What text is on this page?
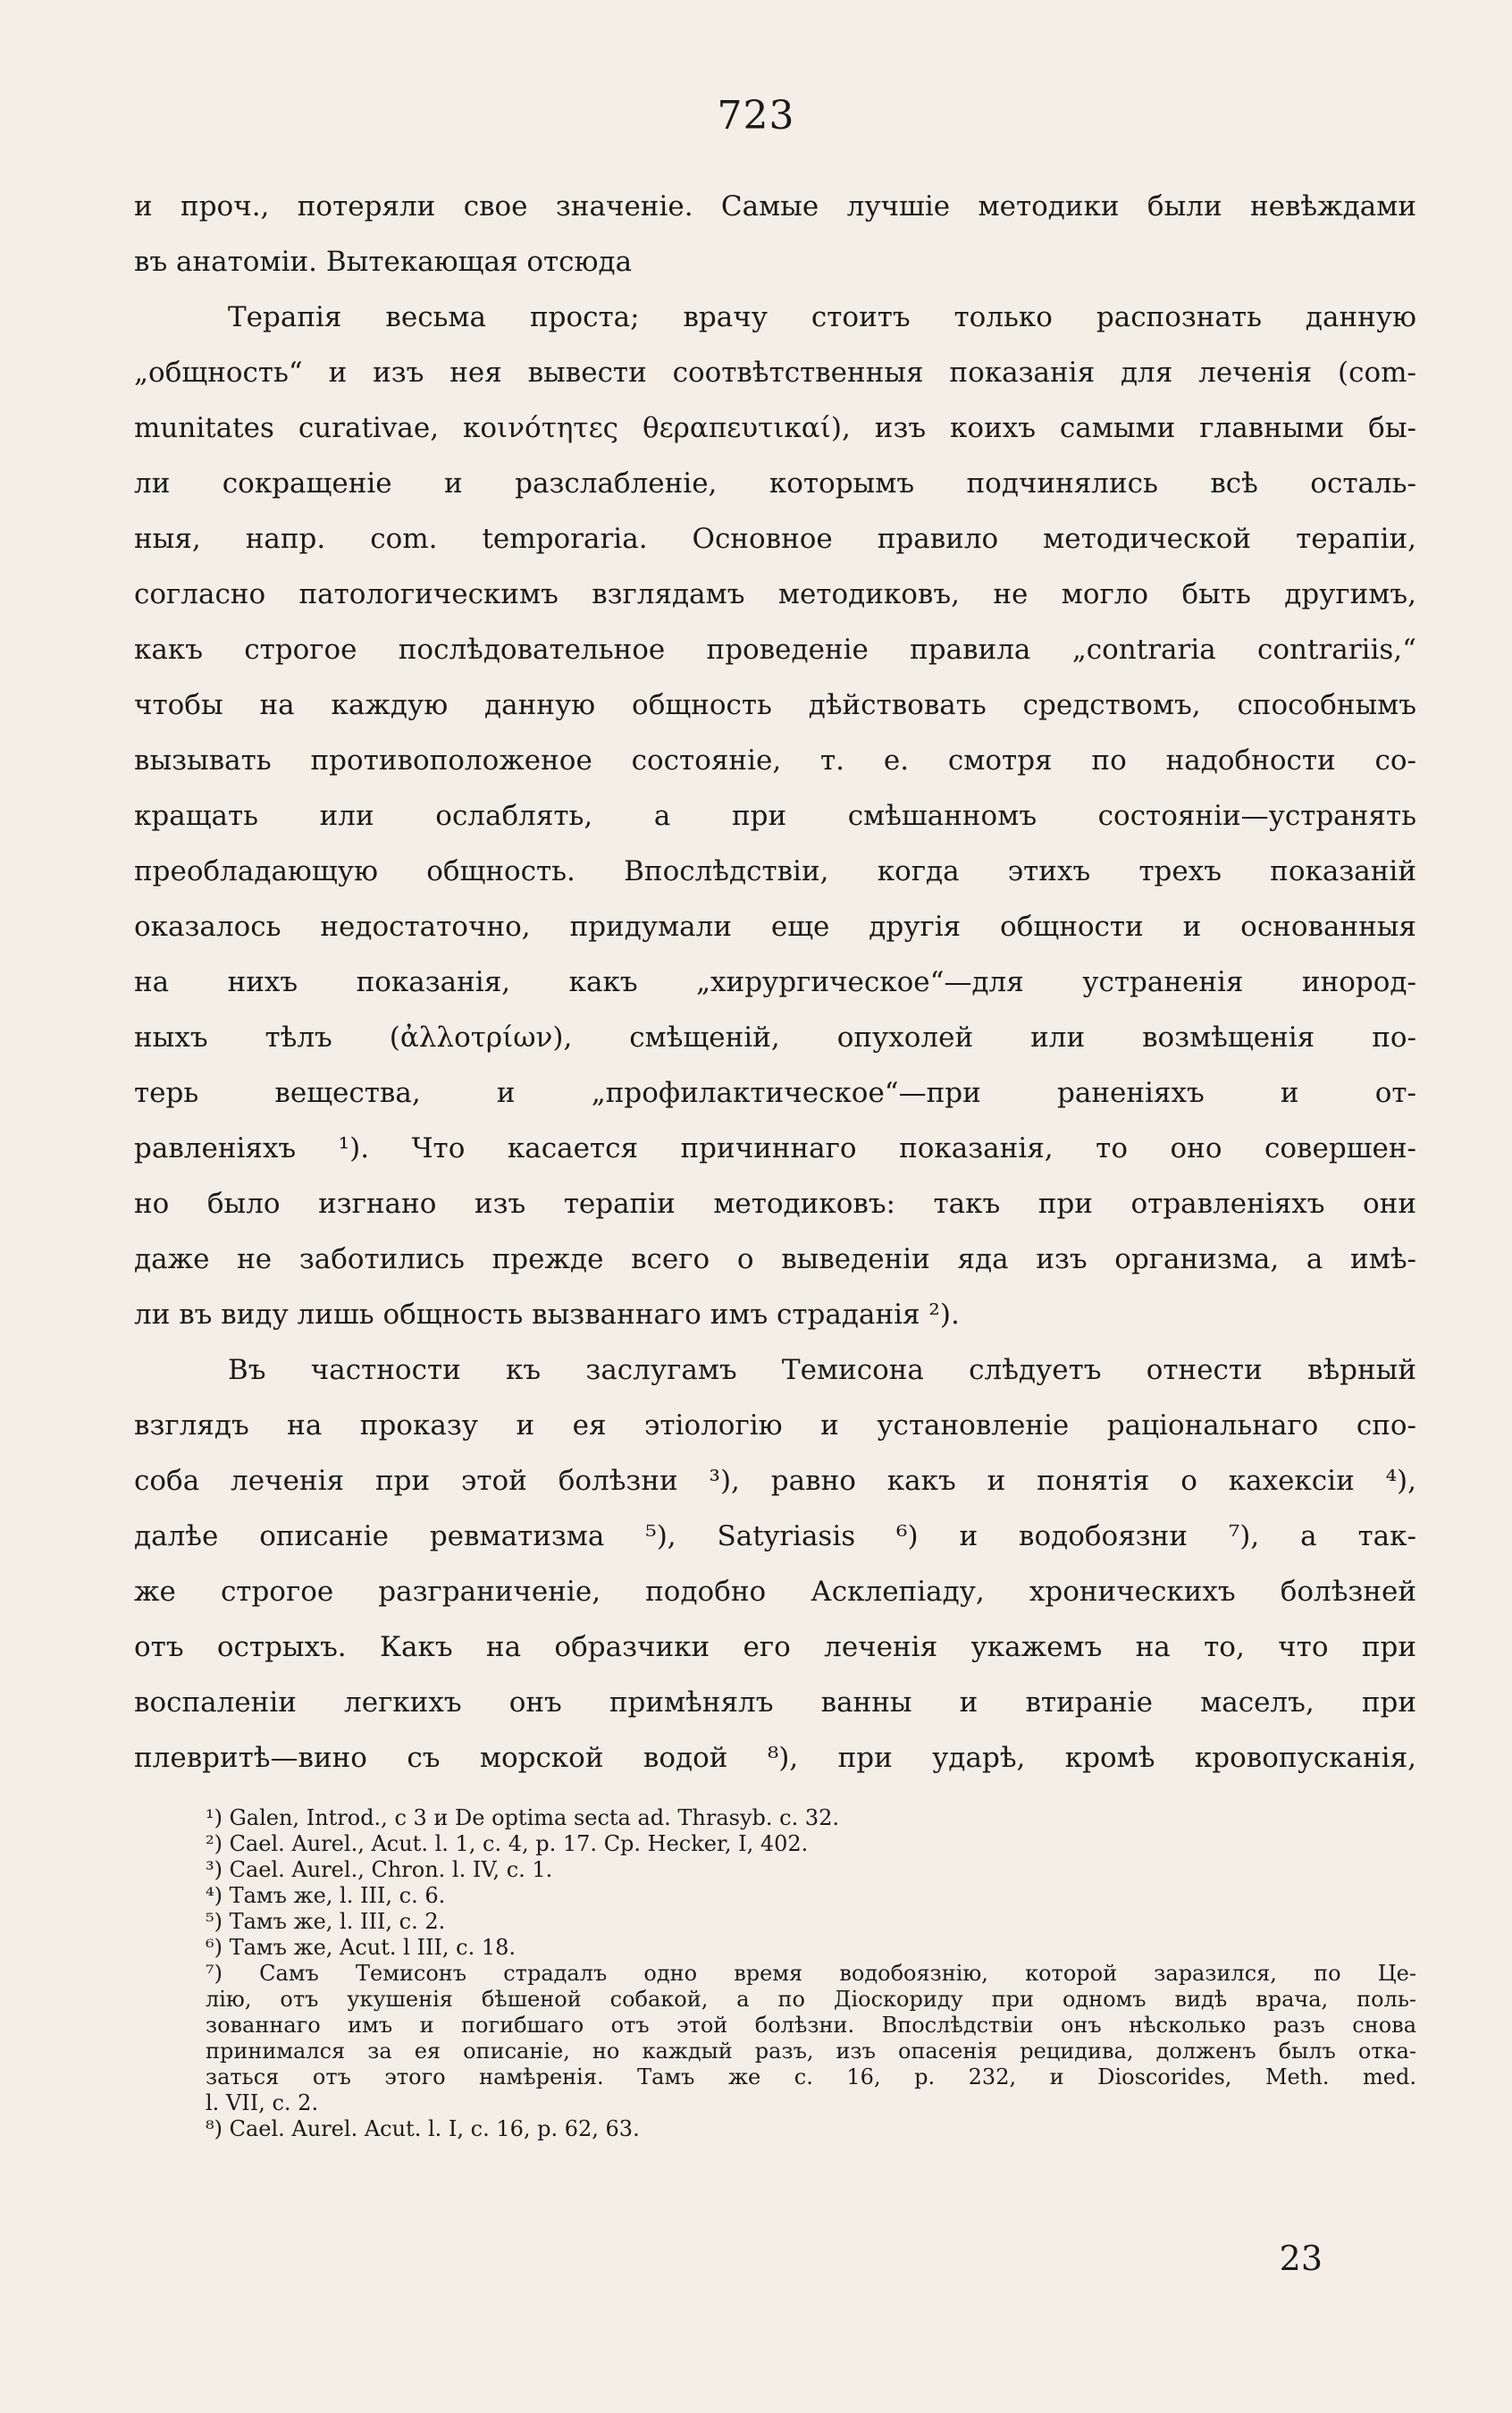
723
и проч., потеряли свое значеніе. Самые лучшіе методики были невѣждами
въ анатоміи. Вытекающая отсюда
Терапія весьма проста; врачу стоитъ только распознать данную
„общность“ и изъ нея вывести соотвѣтственныя показанія для леченія (com-
munitates curativae, κοινότητες θεραπευτικαί), изъ коихъ самыми главными бы-
ли сокращеніе и разслабленіе, которымъ подчинялись всѣ осталь-
ныя, напр. com. temporaria. Основное правило методической терапіи,
согласно патологическимъ взглядамъ методиковъ, не могло быть другимъ,
какъ строгое послѣдовательное проведеніе правила „contraria contrariis,“
чтобы на каждую данную общность дѣйствовать средствомъ, способнымъ
вызывать противоположеное состояніе, т. е. смотря по надобности со-
кращать или ослаблять, а при смѣшанномъ состояніи—устранять
преобладающую общность. Впослѣдствіи, когда этихъ трехъ показаній
оказалось недостаточно, придумали еще другія общности и основанныя
на нихъ показанія, какъ „хирургическое“—для устраненія инород-
ныхъ тѣлъ (ἀλλοτρίων), смѣщеній, опухолей или возмѣщенія по-
терь вещества, и „профилактическое“—при раненіяхъ и от-
равленіяхъ ¹). Что касается причиннаго показанія, то оно совершен-
но было изгнано изъ терапіи методиковъ: такъ при отравленіяхъ они
даже не заботились прежде всего о выведеніи яда изъ организма, а имѣ-
ли въ виду лишь общность вызваннаго имъ страданія ²).
Въ частности къ заслугамъ Темисона слѣдуетъ отнести вѣрный
взглядъ на проказу и ея этіологію и установленіе раціональнаго спо-
соба леченія при этой болѣзни ³), равно какъ и понятія о кахексіи ⁴),
далѣе описаніе ревматизма ⁵), Satyriasis ⁶) и водобоязни ⁷), а так-
же строгое разграниченіе, подобно Асклепіаду, хроническихъ болѣзней
отъ острыхъ. Какъ на образчики его леченія укажемъ на то, что при
воспаленіи легкихъ онъ примѣнялъ ванны и втираніе маселъ, при
плевритѣ—вино съ морской водой ⁸), при ударѣ, кромѣ кровопусканія,
¹) Galen, Introd., c 3 и De optima secta ad. Thrasyb. c. 32.
²) Cael. Aurel., Acut. l. 1, c. 4, p. 17. Cp. Hecker, I, 402.
³) Cael. Aurel., Chron. l. IV, c. 1.
⁴) Тамъ же, l. III, c. 6.
⁵) Тамъ же, l. III, c. 2.
⁶) Тамъ же, Acut. l III, c. 18.
⁷) Самъ Темисонъ страдалъ одно время водобоязнію, которой заразился, по Це-
лію, отъ укушенія бѣшеной собакой, а по Діоскориду при одномъ видѣ врача, поль-
зованнаго имъ и погибшаго отъ этой болѣзни. Впослѣдствіи онъ нѣсколько разъ снова
принимался за ея описаніе, но каждый разъ, изъ опасенія рецидива, долженъ былъ отка-
заться отъ этого намѣренія. Тамъ же c. 16, p. 232, и Dioscorides, Meth. med.
l. VII, c. 2.
⁸) Cael. Aurel. Acut. l. I, c. 16, p. 62, 63.
23
